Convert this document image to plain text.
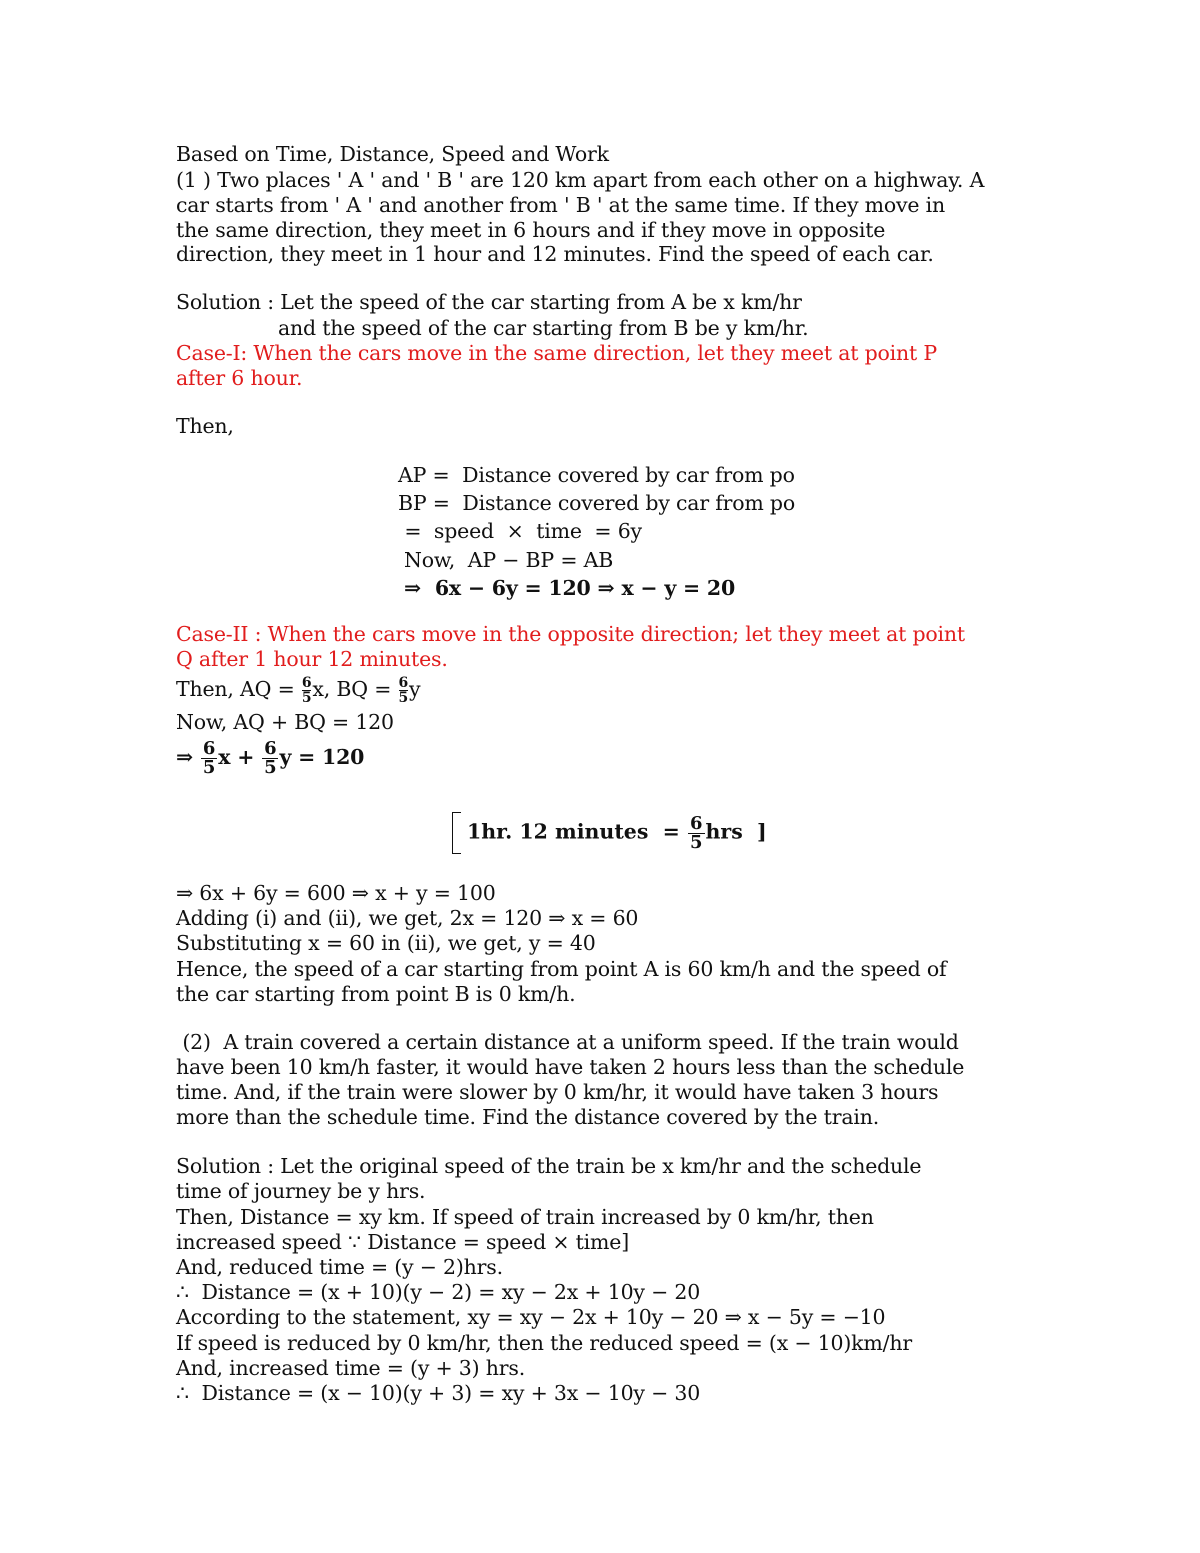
Based on Time, Distance, Speed and Work
(1 ) Two places ' A ' and ' B ' are 120 km apart from each other on a highway. A
car starts from ' A ' and another from ' B ' at the same time. If they move in
the same direction, they meet in 6 hours and if they move in opposite
direction, they meet in 1 hour and 12 minutes. Find the speed of each car.
Solution : Let the speed of the car starting from A be x km/hr
and the speed of the car starting from B be y km/hr.
Case-I: When the cars move in the same direction, let they meet at point P
after 6 hour.
Then,
AP =  Distance covered by car from po
BP =  Distance covered by car from po
=  speed  ×  time  = 6y
Now,  AP − BP = AB
⇒  6x − 6y = 120 ⇒ x − y = 20
Case-II : When the cars move in the opposite direction; let they meet at point
Q after 1 hour 12 minutes.
Then, AQ = $\frac{6}{5} x$, BQ = $\frac{6}{5}$ y
Now, AQ + BQ = 120
⇒ $\frac{6}{5}$ $x + \frac{6}{5}$ y = 120
1hr. 12 minutes  = $\frac{6}{5}$ hrs  ]
⇒ 6x + 6y = 600 ⇒ x + y = 100
Adding (i) and (ii), we get, 2x = 120 ⇒ x = 60
Substituting x = 60 in (ii), we get, y = 40
Hence, the speed of a car starting from point A is 60 km/h and the speed of
the car starting from point B is 0 km/h.
(2)  A train covered a certain distance at a uniform speed. If the train would
have been 10 km/h faster, it would have taken 2 hours less than the schedule
time. And, if the train were slower by 0 km/hr, it would have taken 3 hours
more than the schedule time. Find the distance covered by the train.
Solution : Let the original speed of the train be x km/hr and the schedule
time of journey be y hrs.
Then, Distance = xy km. If speed of train increased by 0 km/hr, then
increased speed ∵ Distance = speed × time]
And, reduced time = (y − 2)hrs.
∴  Distance = (x + 10)(y − 2) = xy − 2x + 10y − 20
According to the statement, xy = xy − 2x + 10y − 20 ⇒ x − 5y = −10
If speed is reduced by 0 km/hr, then the reduced speed = (x − 10)km/hr
And, increased time = (y + 3) hrs.
∴  Distance = (x − 10)(y + 3) = xy + 3x − 10y − 30
